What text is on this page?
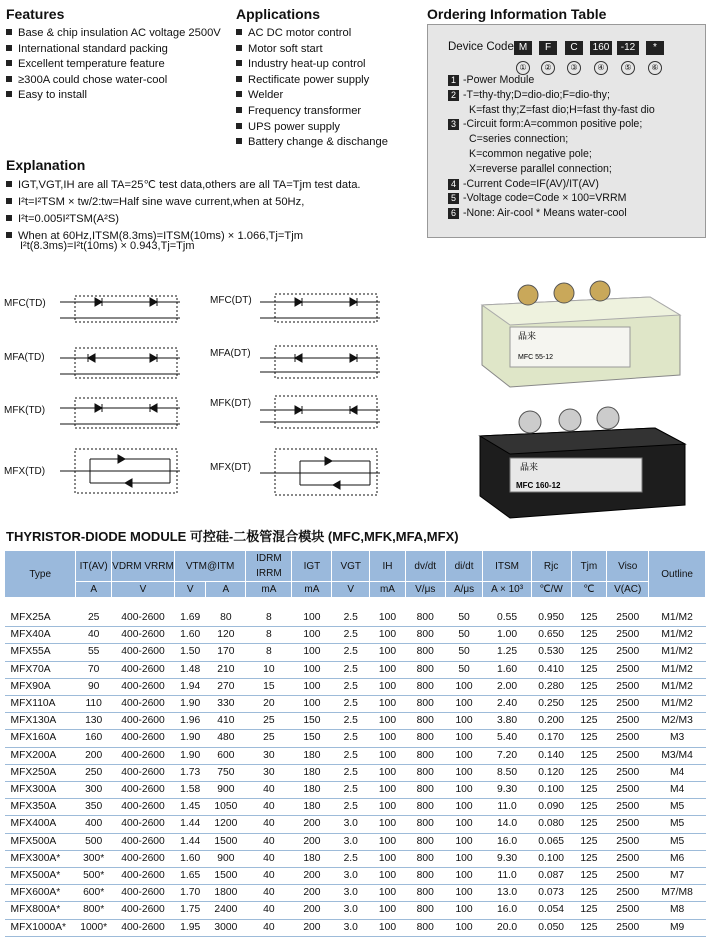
Features
Base & chip insulation AC voltage 2500V
International standard packing
Excellent temperature feature
≥300A could chose water-cool
Easy to install
Applications
AC DC motor control
Motor soft start
Industry heat-up control
Rectificate power supply
Welder
Frequency transformer
UPS power supply
Battery change & dischange
Ordering Information Table
Device Code M	F	C	160	-12	*
①	②	③	④	⑤	⑥
1 -Power Module
2 -T=thy-thy;D=dio-dio;F=dio-thy;
K=fast thy;Z=fast dio;H=fast thy-fast dio
3 -Circuit form:A=common positive pole;
C=series connection;
K=common negative pole;
X=reverse parallel connection;
4 -Current Code=IF(AV)/IT(AV)
5 -Voltage code=Code × 100=VRRM
6 -None: Air-cool * Means water-cool
Explanation
IGT,VGT,IH are all TA=25℃ test data,others are all TA=Tjm test data.
I²t=I²TSM × tw/2:tw=Half sine wave current,when at 50Hz,
I²t=0.005I²TSM(A²S)
When at 60Hz,ITSM(8.3ms)=ITSM(10ms) × 1.066,Tj=Tjm
I²t(8.3ms)=I²t(10ms) × 0.943,Tj=Tjm
MFC(TD)
MFA(TD)
MFK(TD)
MFX(TD)
MFC(DT)
MFA(DT)
MFK(DT)
MFX(DT)
晶来
MFC 55-12
晶来
MFC 160-12
THYRISTOR-DIODE MODULE 可控硅-二极管混合模块 (MFC,MFK,MFA,MFX)
Type	IT(AV)	VDRM VRRM	VTM@ITM		IDRM IRRM	IGT	VGT	IH	dv/dt	di/dt	ITSM	Rjc	Tjm	Viso	Outline
	A	V	V	A	mA	mA	V	mA	V/μs	A/μs	A × 10³	℃/W	℃	V(AC)	

MFX25A	25	400-2600	1.69	80	8	100	2.5	100	800	50	0.55	0.950	125	2500	M1/M2
MFX40A	40	400-2600	1.60	120	8	100	2.5	100	800	50	1.00	0.650	125	2500	M1/M2
MFX55A	55	400-2600	1.50	170	8	100	2.5	100	800	50	1.25	0.530	125	2500	M1/M2
MFX70A	70	400-2600	1.48	210	10	100	2.5	100	800	50	1.60	0.410	125	2500	M1/M2
MFX90A	90	400-2600	1.94	270	15	100	2.5	100	800	100	2.00	0.280	125	2500	M1/M2
MFX110A	110	400-2600	1.90	330	20	100	2.5	100	800	100	2.40	0.250	125	2500	M1/M2
MFX130A	130	400-2600	1.96	410	25	150	2.5	100	800	100	3.80	0.200	125	2500	M2/M3
MFX160A	160	400-2600	1.90	480	25	150	2.5	100	800	100	5.40	0.170	125	2500	M3
MFX200A	200	400-2600	1.90	600	30	180	2.5	100	800	100	7.20	0.140	125	2500	M3/M4
MFX250A	250	400-2600	1.73	750	30	180	2.5	100	800	100	8.50	0.120	125	2500	M4
MFX300A	300	400-2600	1.58	900	40	180	2.5	100	800	100	9.30	0.100	125	2500	M4
MFX350A	350	400-2600	1.45	1050	40	180	2.5	100	800	100	11.0	0.090	125	2500	M5
MFX400A	400	400-2600	1.44	1200	40	200	3.0	100	800	100	14.0	0.080	125	2500	M5
MFX500A	500	400-2600	1.44	1500	40	200	3.0	100	800	100	16.0	0.065	125	2500	M5
MFX300A*	300*	400-2600	1.60	900	40	180	2.5	100	800	100	9.30	0.100	125	2500	M6
MFX500A*	500*	400-2600	1.65	1500	40	200	3.0	100	800	100	11.0	0.087	125	2500	M7
MFX600A*	600*	400-2600	1.70	1800	40	200	3.0	100	800	100	13.0	0.073	125	2500	M7/M8
MFX800A*	800*	400-2600	1.75	2400	40	200	3.0	100	800	100	16.0	0.054	125	2500	M8
MFX1000A*	1000*	400-2600	1.95	3000	40	200	3.0	100	800	100	20.0	0.050	125	2500	M9
